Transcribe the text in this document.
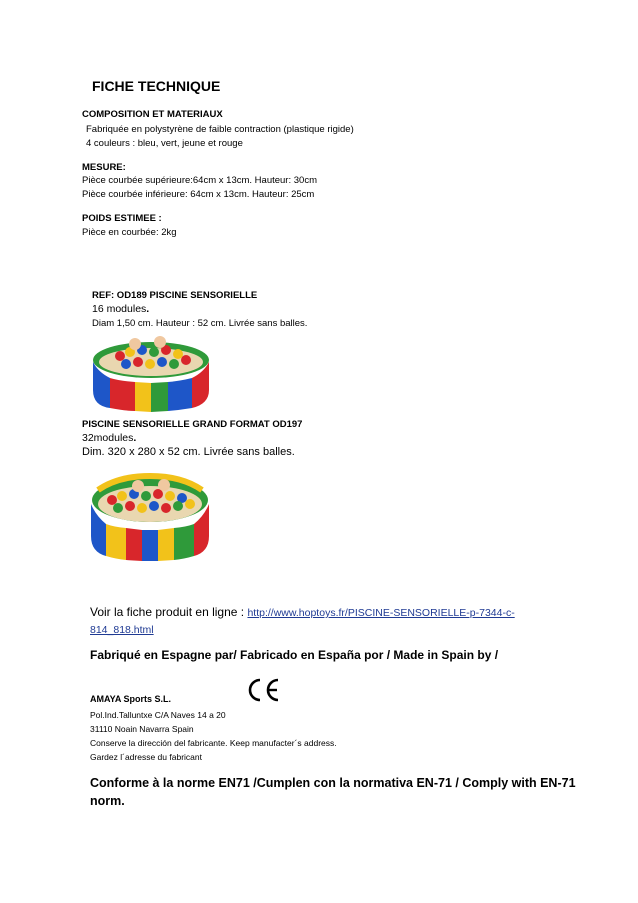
FICHE TECHNIQUE
COMPOSITION ET MATERIAUX
Fabriquée en polystyrène de faible contraction (plastique rigide)
4 couleurs : bleu, vert, jeune et rouge
MESURE:
Pièce courbée supérieure:64cm x 13cm. Hauteur: 30cm
Pièce courbée inférieure: 64cm x 13cm. Hauteur: 25cm
POIDS ESTIMEE :
Pièce en courbée: 2kg
REF: OD189 PISCINE SENSORIELLE
16 modules.
Diam 1,50 cm. Hauteur : 52 cm. Livrée sans balles.
PISCINE SENSORIELLE GRAND FORMAT OD197
32modules.
Dim. 320 x 280 x 52 cm. Livrée sans balles.
Voir la fiche produit en ligne : http://www.hoptoys.fr/PISCINE-SENSORIELLE-p-7344-c-
814_818.html
Fabriqué en Espagne par/ Fabricado en España por / Made in Spain by /
AMAYA Sports S.L.
Pol.Ind.Talluntxe C/A Naves 14 a 20
31110 Noain Navarra Spain
Conserve la dirección del fabricante. Keep manufacter´s address.
Gardez l´adresse du fabricant
Conforme à la norme EN71 /Cumplen con la normativa EN-71 / Comply with EN-71
norm.
